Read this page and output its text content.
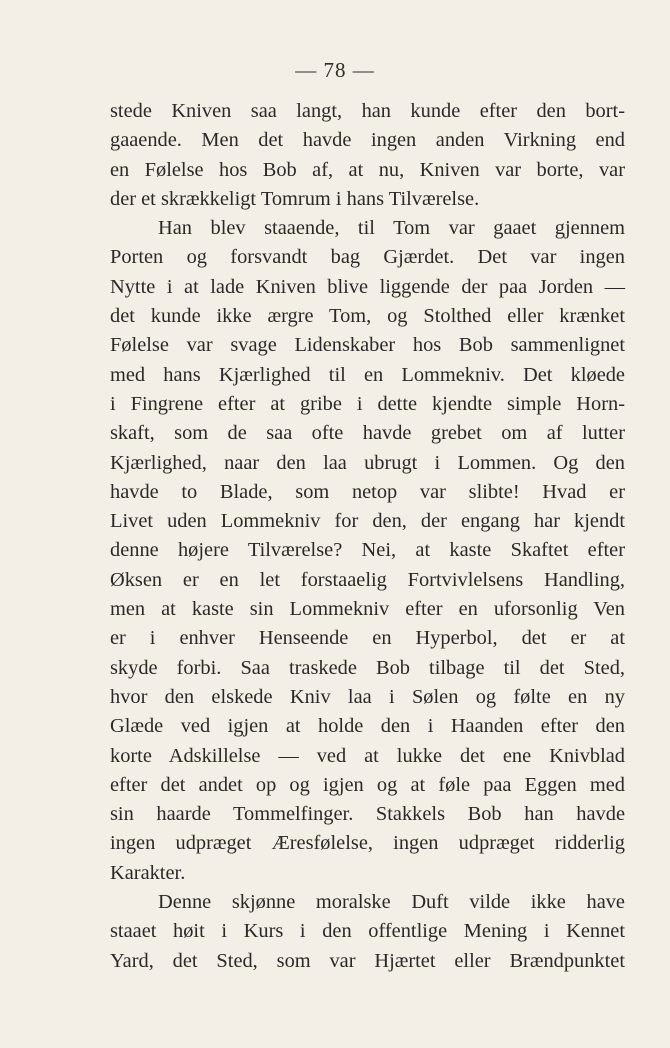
— 78 —
stede Kniven saa langt, han kunde efter den bort-
gaaende. Men det havde ingen anden Virkning end
en Følelse hos Bob af, at nu, Kniven var borte, var
der et skrækkeligt Tomrum i hans Tilværelse.
Han blev staaende, til Tom var gaaet gjennem
Porten og forsvandt bag Gjærdet. Det var ingen
Nytte i at lade Kniven blive liggende der paa Jorden —
det kunde ikke ærgre Tom, og Stolthed eller krænket
Følelse var svage Lidenskaber hos Bob sammenlignet
med hans Kjærlighed til en Lommekniv. Det kløede
i Fingrene efter at gribe i dette kjendte simple Horn-
skaft, som de saa ofte havde grebet om af lutter
Kjærlighed, naar den laa ubrugt i Lommen. Og den
havde to Blade, som netop var slibte! Hvad er
Livet uden Lommekniv for den, der engang har kjendt
denne højere Tilværelse? Nei, at kaste Skaftet efter
Øksen er en let forstaaelig Fortvivlelsens Handling,
men at kaste sin Lommekniv efter en uforsonlig Ven
er i enhver Henseende en Hyperbol, det er at
skyde forbi. Saa traskede Bob tilbage til det Sted,
hvor den elskede Kniv laa i Sølen og følte en ny
Glæde ved igjen at holde den i Haanden efter den
korte Adskillelse — ved at lukke det ene Knivblad
efter det andet op og igjen og at føle paa Eggen med
sin haarde Tommelfinger. Stakkels Bob han havde
ingen udpræget Æresfølelse, ingen udpræget ridderlig
Karakter.
Denne skjønne moralske Duft vilde ikke have
staaet høit i Kurs i den offentlige Mening i Kennet
Yard, det Sted, som var Hjærtet eller Brændpunktet
